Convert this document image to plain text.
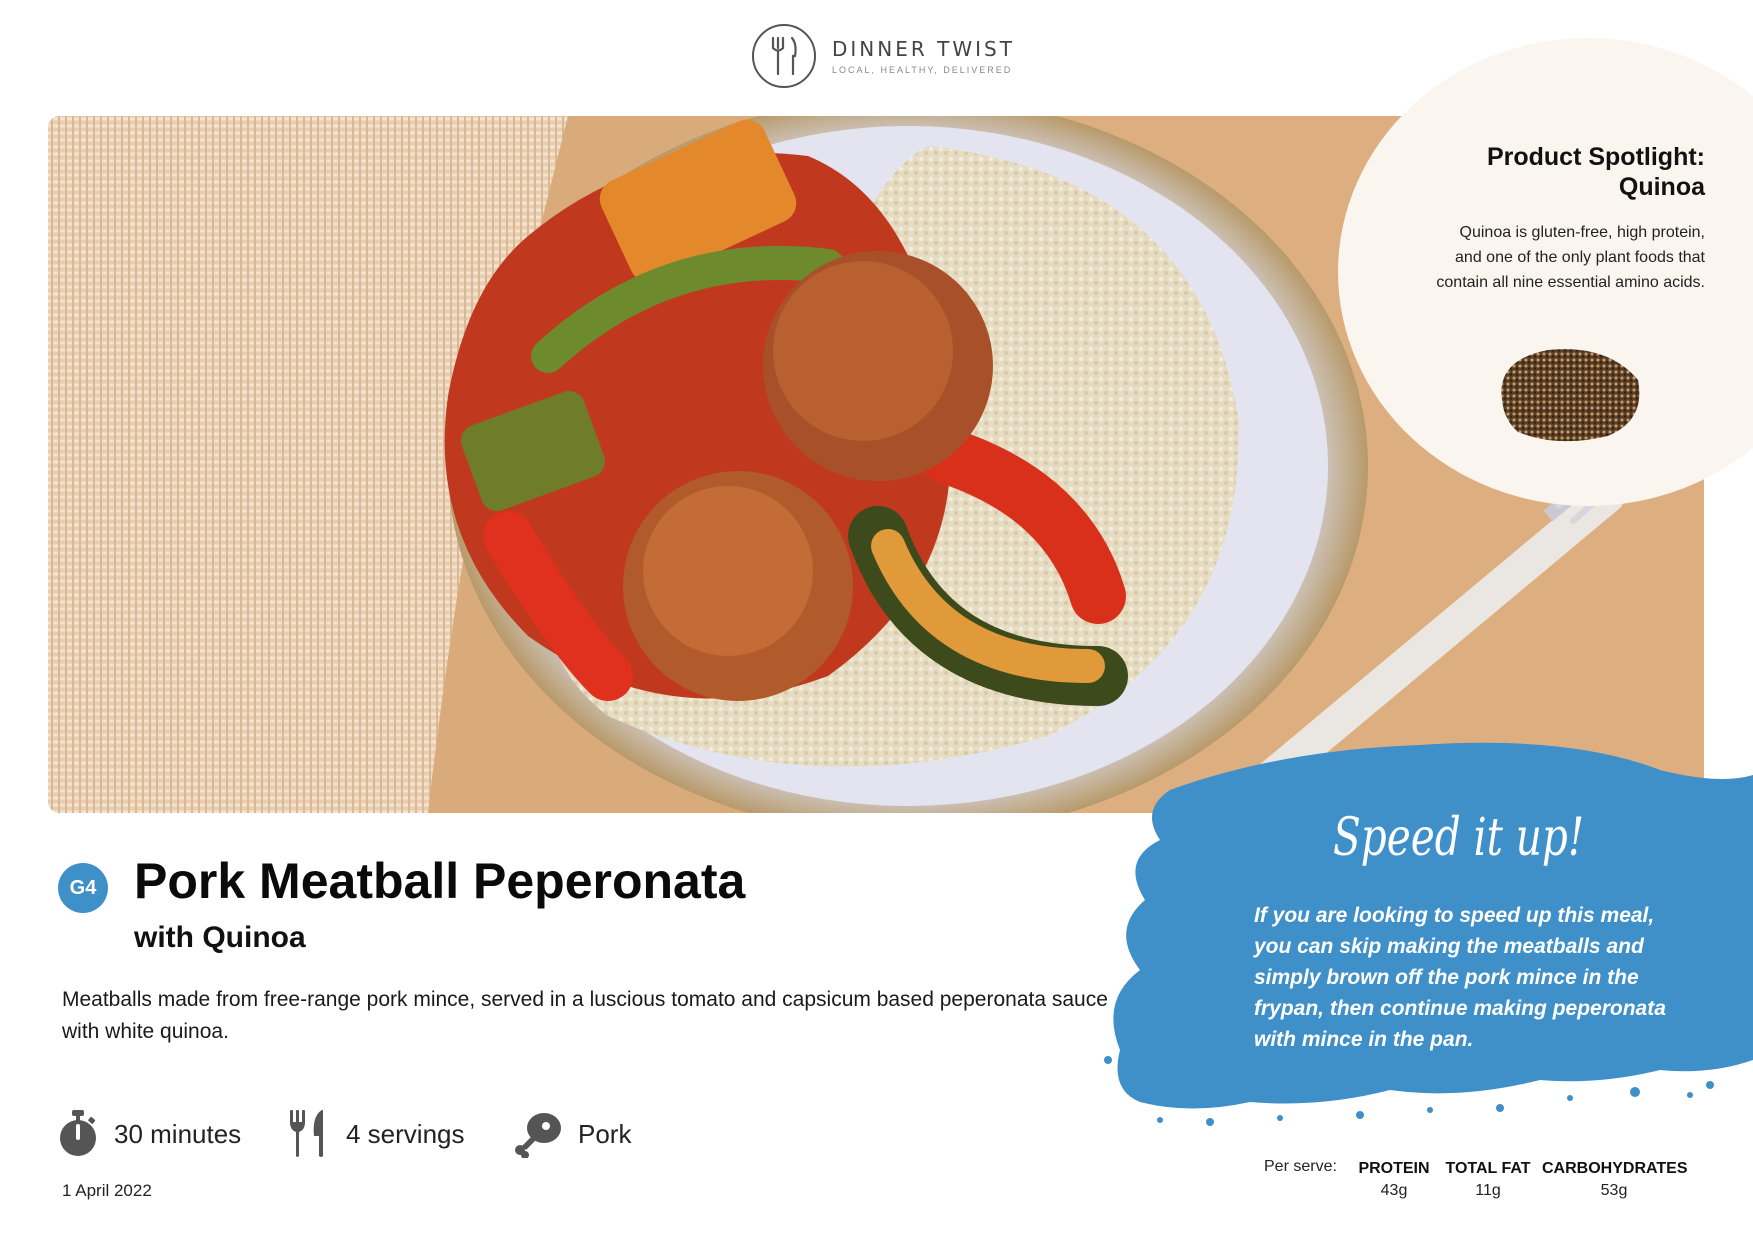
DINNER TWIST
LOCAL, HEALTHY, DELIVERED
Product Spotlight:
Quinoa
Quinoa is gluten-free, high protein,
and one of the only plant foods that
contain all nine essential amino acids.
G4 Pork Meatball Peperonata
with Quinoa
Meatballs made from free-range pork mince, served in a luscious tomato and capsicum based peperonata sauce with white quinoa.
30 minutes	4 servings	Pork
1 April 2022
Speed it up!
If you are looking to speed up this meal, you can skip making the meatballs and simply brown off the pork mince in the frypan, then continue making peperonata with mince in the pan.
Per serve: PROTEIN
43g
TOTAL FAT
11g
CARBOHYDRATES
53g
